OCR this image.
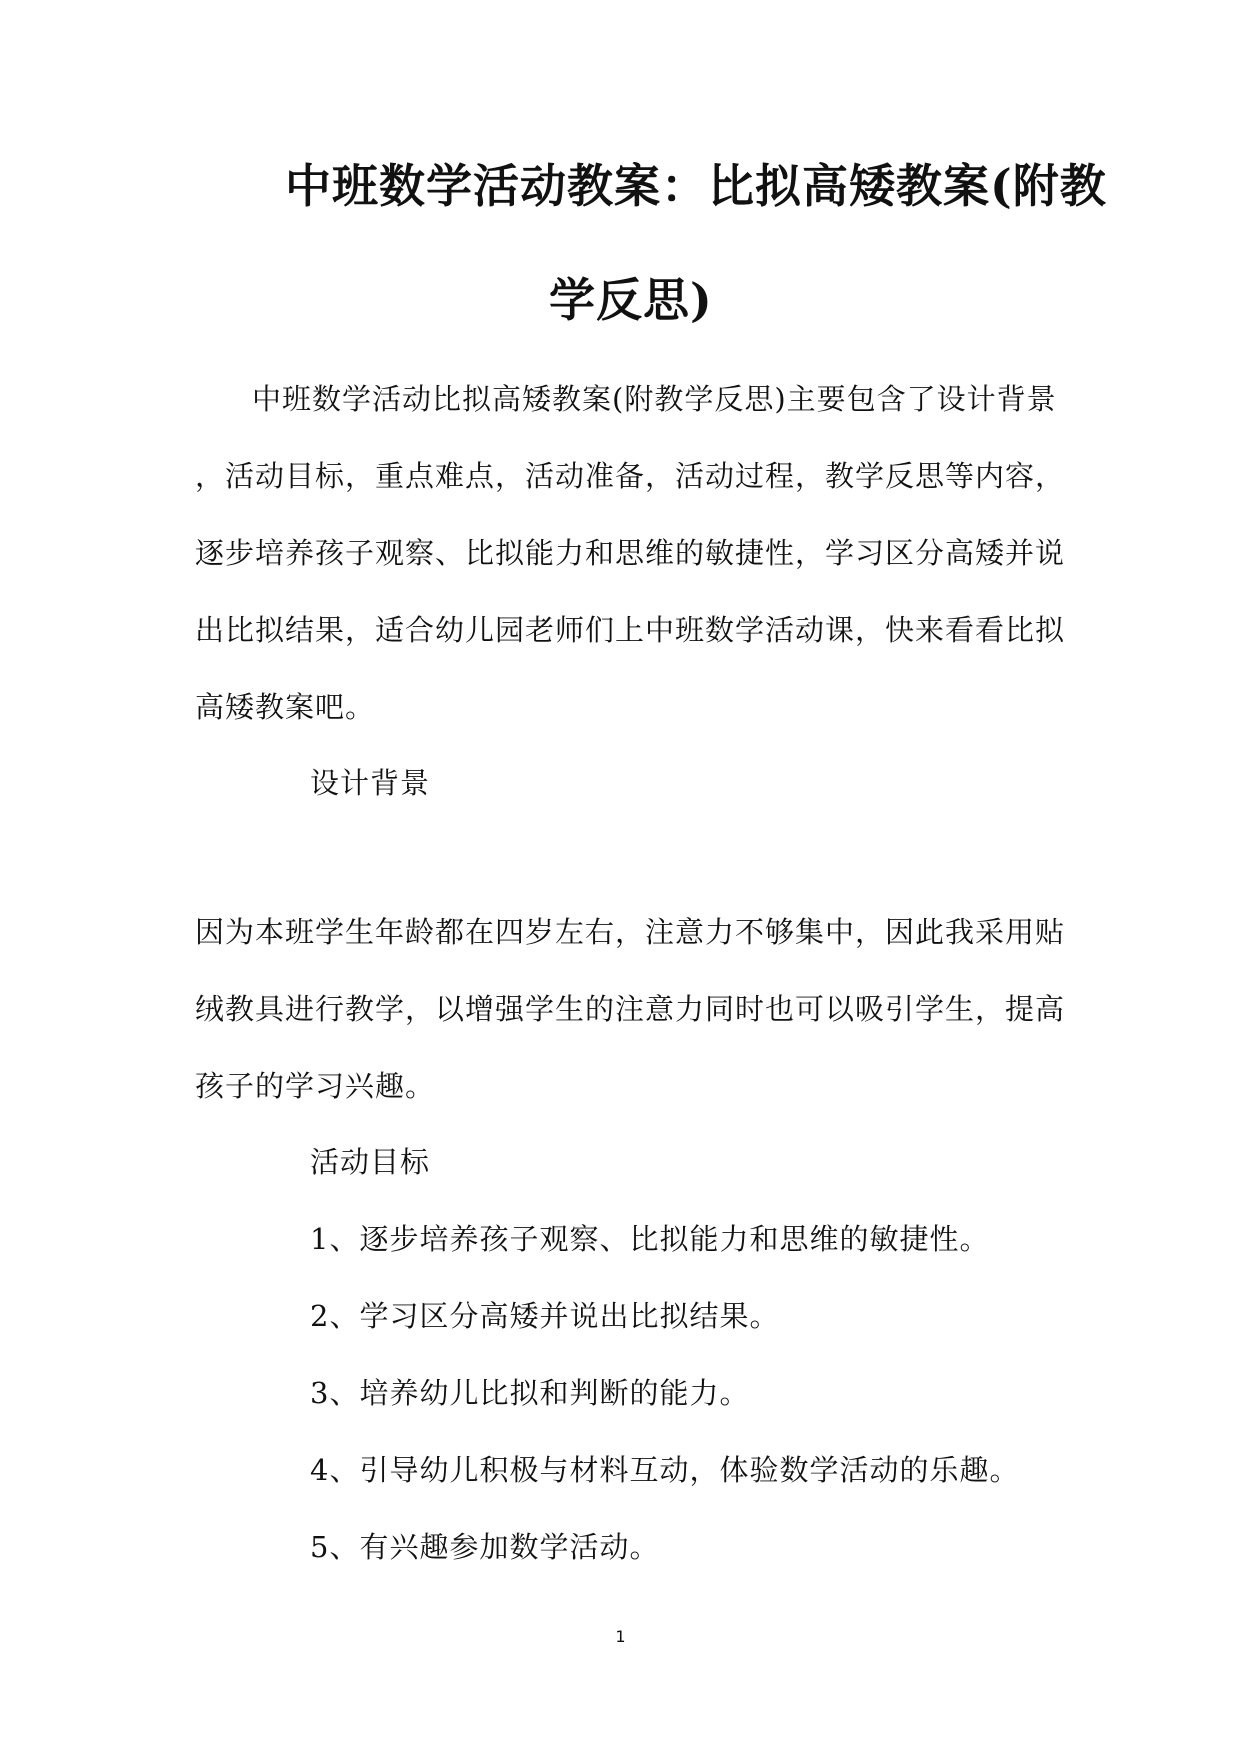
中班数学活动教案：比拟高矮教案(附教
学反思)
中班数学活动比拟高矮教案(附教学反思)主要包含了设计背景
，活动目标，重点难点，活动准备，活动过程，教学反思等内容，
逐步培养孩子观察、比拟能力和思维的敏捷性，学习区分高矮并说
出比拟结果，适合幼儿园老师们上中班数学活动课，快来看看比拟
高矮教案吧。
设计背景
因为本班学生年龄都在四岁左右，注意力不够集中，因此我采用贴
绒教具进行教学，以增强学生的注意力同时也可以吸引学生，提高
孩子的学习兴趣。
活动目标
1、逐步培养孩子观察、比拟能力和思维的敏捷性。
2、学习区分高矮并说出比拟结果。
3、培养幼儿比拟和判断的能力。
4、引导幼儿积极与材料互动，体验数学活动的乐趣。
5、有兴趣参加数学活动。
1
